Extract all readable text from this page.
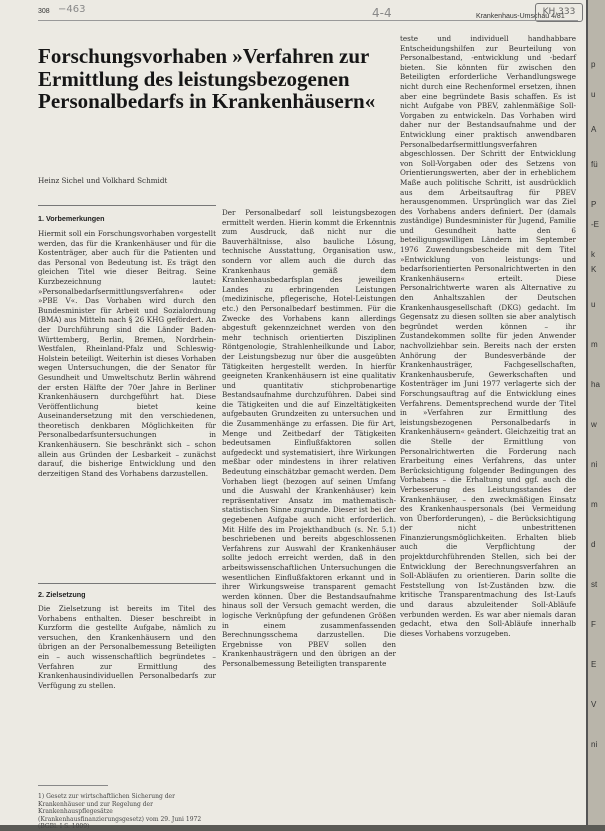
308 −463	4-4	Krankenhaus-Umschau 4/81
KH 333
Forschungsvorhaben »Verfahren zur Ermittlung des leistungsbezogenen Personalbedarfs in Krankenhäusern«
Heinz Sichel und Volkhard Schmidt
1. Vorbemerkungen

Hiermit soll ein Forschungsvorhaben vorgestellt werden, das für die Krankenhäuser und für die Kostenträger, aber auch für die Patienten und das Personal von Bedeutung ist. Es trägt den gleichen Titel wie dieser Beitrag. Seine Kurzbezeichnung lautet: »Personalbedarfsermittlungsverfahren« oder »PBE V«. Das Vorhaben wird durch den Bundesminister für Arbeit und Sozialordnung (BMA) aus Mitteln nach § 26 KHG gefördert. An der Durchführung sind die Länder Baden-Württemberg, Berlin, Bremen, Nordrhein-Westfalen, Rheinland-Pfalz und Schleswig-Holstein beteiligt. Weiterhin ist dieses Vorhaben wegen Untersuchungen, die der Senator für Gesundheit und Umweltschutz Berlin während der ersten Hälfte der 70er Jahre in Berliner Krankenhäusern durchgeführt hat. Diese Veröffentlichung bietet keine Auseinandersetzung mit den verschiedenen, theoretisch denkbaren Möglichkeiten für Personalbedarfsuntersuchungen in Krankenhäusern. Sie beschränkt sich – schon allein aus Gründen der Lesbarkeit – zunächst darauf, die bisherige Entwicklung und den derzeitigen Stand des Vorhabens darzustellen.

2. Zielsetzung

Die Zielsetzung ist bereits im Titel des Vorhabens enthalten. Dieser beschreibt in Kurzform die gestellte Aufgabe, nämlich zu versuchen, den Krankenhäusern und den übrigen an der Personalbemessung Beteiligten ein – auch wissenschaftlich begründetes – Verfahren zur Ermittlung des Krankenhausindividuellen Personalbedarfs zur Verfügung zu stellen.

1) Gesetz zur wirtschaftlichen Sicherung der Krankenhäuser und zur Regelung der Krankenhauspflegesätze (Krankenhausfinanzierungsgesetz) vom 29. Juni 1972 (BGBl. I S. 1009)

Der Personalbedarf soll leistungsbezogen ermittelt werden. Hierin kommt die Erkenntnis zum Ausdruck, daß nicht nur die Bauverhältnisse, also bauliche Lösung, technische Ausstattung, Organisation usw., sondern vor allem auch die durch das Krankenhaus gemäß dem Krankenhausbedarfsplan des jeweiligen Landes zu erbringenden Leistungen (medizinische, pflegerische, Hotel-Leistungen etc.) den Personalbedarf bestimmen. Für die Zwecke des Vorhabens kann allerdings abgestuft gekennzeichnet werden von den mehr technisch orientierten Disziplinen Röntgenologie, Strahlenheilkunde und Labor, der Leistungsbezug nur über die ausgeübten Tätigkeiten hergestellt werden. In hierfür geeigneten Krankenhäusern ist eine qualitativ und quantitativ stichprobenartige Bestandsaufnahme durchzuführen. Dabei sind die Tätigkeiten und die auf Einzeltätigkeiten aufgebauten Grundzeiten zu untersuchen und die Zusammenhänge zu erfassen. Die für Art, Menge und Zeitbedarf der Tätigkeiten bedeutsamen Einflußfaktoren sollen aufgedeckt und systematisiert, ihre Wirkungen meßbar oder mindestens in ihrer relativen Bedeutung einschätzbar gemacht werden. Dem Vorhaben liegt (bezogen auf seinen Umfang und die Auswahl der Krankenhäuser) kein repräsentativer Ansatz im mathematisch-statistischen Sinne zugrunde. Dieser ist bei der gegebenen Aufgabe auch nicht erforderlich. Mit Hilfe des im Projekthandbuch (s. Nr. 5.1) beschriebenen und bereits abgeschlossenen Verfahrens zur Auswahl der Krankenhäuser sollte jedoch erreicht werden, daß in den arbeitswissenschaftlichen Untersuchungen die wesentlichen Einflußfaktoren erkannt und in ihrer Wirkungsweise transparent gemacht werden können. Über die Bestandsaufnahme hinaus soll der Versuch gemacht werden, die logische Verknüpfung der gefundenen Größen in einem zusammenfassenden Berechnungsschema darzustellen. Die Ergebnisse von PBEV sollen den Krankenhausträgern und den übrigen an der Personalbemessung Beteiligten transparente

teste und individuell handhabbare Entscheidungshilfen zur Beurteilung von Personalbestand, -entwicklung und -bedarf bieten. Sie könnten für zwischen den Beteiligten erforderliche Verhandlungswege nicht durch eine Rechenformel ersetzen, ihnen aber eine begründete Basis schaffen. Es ist nicht Aufgabe von PBEV, zahlenmäßige Soll-Vorgaben zu entwickeln. Das Vorhaben wird daher nur der Bestandsaufnahme und der Entwicklung einer praktisch anwendbaren Personalbedarfsermittlungsverfahren abgeschlossen. Der Schritt der Entwicklung von Soll-Vorgaben oder des Setzens von Orientierungswerten, aber der in erheblichem Maße auch politische Schritt, ist ausdrücklich aus dem Arbeitsauftrag für PBEV herausgenommen. Ursprünglich war das Ziel des Vorhabens anders definiert. Der (damals zuständige) Bundesminister für Jugend, Familie und Gesundheit hatte den 6 beteiligungswilligen Ländern im September 1976 Zuwendungsbescheide mit dem Titel »Entwicklung von leistungs- und bedarfsorientierten Personalrichtwerten in den Krankenhäusern« erteilt. Diese Personalrichtwerte waren als Alternative zu den Anhaltszahlen der Deutschen Krankenhausgesellschaft (DKG) gedacht. Im Gegensatz zu diesen sollten sie aber analytisch begründet werden können – ihr Zustandekommen sollte für jeden Anwender nachvollziehbar sein. Bereits nach der ersten Anhörung der Bundesverbände der Krankenhausträger, Fachgesellschaften, Krankenhausberufe, Gewerkschaften und Kostenträger im Juni 1977 verlagerte sich der Forschungsauftrag auf die Entwicklung eines Verfahrens. Dementsprechend wurde der Titel in »Verfahren zur Ermittlung des leistungsbezogenen Personalbedarfs in Krankenhäusern« geändert. Gleichzeitig trat an die Stelle der Ermittlung von Personalrichtwerten die Forderung nach Erarbeitung eines Verfahrens, das unter Berücksichtigung folgender Bedingungen des Vorhabens – die Erhaltung und ggf. auch die Verbesserung des Leistungsstandes der Krankenhäuser, – den zweckmäßigen Einsatz des Krankenhauspersonals (bei Vermeidung von Überforderungen), – die Berücksichtigung der nicht unbestrittenen Finanzierungsmöglichkeiten. Erhalten blieb auch die Verpflichtung der projektdurchführenden Stellen, sich bei der Entwicklung der Berechnungsverfahren an Soll-Abläufen zu orientieren. Darin sollte die Feststellung von Ist-Zuständen bzw. die kritische Transparentmachung des Ist-Laufs und daraus abzuleitender Soll-Abläufe verbunden werden. Es war aber niemals daran gedacht, etwa den Soll-Abläufe innerhalb dieses Vorhabens vorzugeben.

p
u
A
fü
P
-E
k
K
u
m
ha
w
ni
m
d
st
F
E
V
ni
